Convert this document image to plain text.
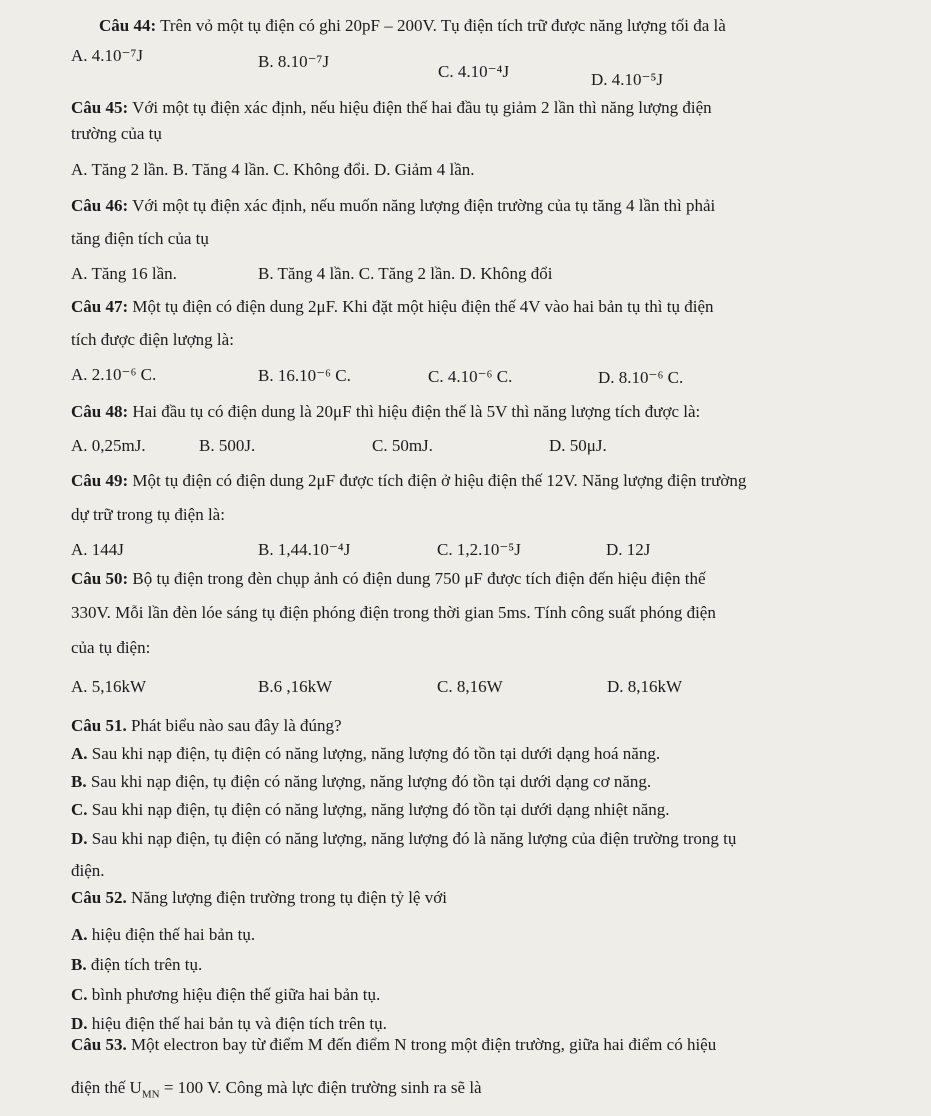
Câu 44: Trên vỏ một tụ điện có ghi 20pF – 200V. Tụ điện tích trữ được năng lượng tối đa là
A. 4.10⁻⁷J	B. 8.10⁻⁷J
C. 4.10⁻⁴J	D. 4.10⁻⁵J
Câu 45: Với một tụ điện xác định, nếu hiệu điện thế hai đầu tụ giảm 2 lần thì năng lượng điện
trường của tụ
A. Tăng 2 lần. B. Tăng 4 lần. C. Không đổi. D. Giảm 4 lần.
Câu 46: Với một tụ điện xác định, nếu muốn năng lượng điện trường của tụ tăng 4 lần thì phải
tăng điện tích của tụ
A. Tăng 16 lần.	B. Tăng 4 lần. C. Tăng 2 lần. D. Không đổi
Câu 47: Một tụ điện có điện dung 2μF. Khi đặt một hiệu điện thế 4V vào hai bản tụ thì tụ điện
tích được điện lượng là:
A. 2.10⁻⁶ C.	B. 16.10⁻⁶ C.	C. 4.10⁻⁶ C.	D. 8.10⁻⁶ C.
Câu 48: Hai đầu tụ có điện dung là 20μF thì hiệu điện thế là 5V thì năng lượng tích được là:
A. 0,25mJ.	B. 500J.	C. 50mJ.	D. 50μJ.
Câu 49: Một tụ điện có điện dung 2μF được tích điện ở hiệu điện thế 12V. Năng lượng điện trường
dự trữ trong tụ điện là:
A. 144J	B. 1,44.10⁻⁴J	C. 1,2.10⁻⁵J	D. 12J
Câu 50: Bộ tụ điện trong đèn chụp ảnh có điện dung 750 μF được tích điện đến hiệu điện thế
330V. Mỗi lần đèn lóe sáng tụ điện phóng điện trong thời gian 5ms. Tính công suất phóng điện
của tụ điện:
A. 5,16kW	B.6 ,16kW	C. 8,16W	D. 8,16kW
Câu 51. Phát biểu nào sau đây là đúng?
A. Sau khi nạp điện, tụ điện có năng lượng, năng lượng đó tồn tại dưới dạng hoá năng.
B. Sau khi nạp điện, tụ điện có năng lượng, năng lượng đó tồn tại dưới dạng cơ năng.
C. Sau khi nạp điện, tụ điện có năng lượng, năng lượng đó tồn tại dưới dạng nhiệt năng.
D. Sau khi nạp điện, tụ điện có năng lượng, năng lượng đó là năng lượng của điện trường trong tụ
điện.
Câu 52. Năng lượng điện trường trong tụ điện tỷ lệ với
A. hiệu điện thế hai bản tụ.
B. điện tích trên tụ.
C. bình phương hiệu điện thế giữa hai bản tụ.
D. hiệu điện thế hai bản tụ và điện tích trên tụ.
Câu 53. Một electron bay từ điểm M đến điểm N trong một điện trường, giữa hai điểm có hiệu
điện thế $U_{MN} = 100$ V. Công mà lực điện trường sinh ra sẽ là
